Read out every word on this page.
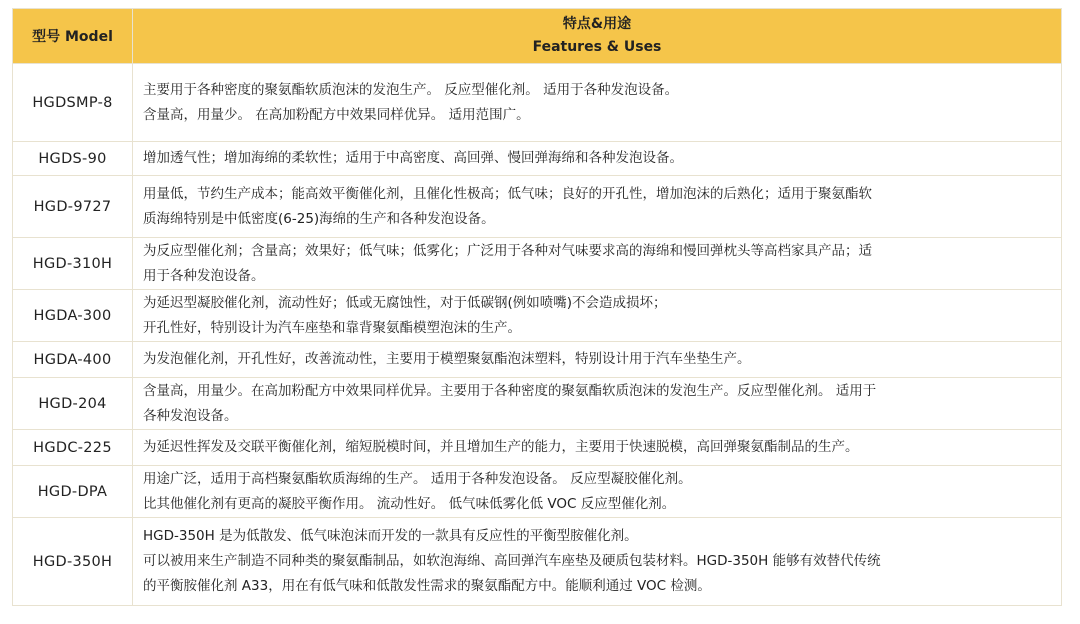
型号 Model	特点&用途
Features & Uses

HGDSMP-8	主要用于各种密度的聚氨酯软质泡沫的发泡生产。 反应型催化剂。 适用于各种发泡设备。
含量高，用量少。 在高加粉配方中效果同样优异。 适用范围广。

HGDS-90	增加透气性；增加海绵的柔软性；适用于中高密度、高回弹、慢回弹海绵和各种发泡设备。

HGD-9727	用量低，节约生产成本；能高效平衡催化剂，且催化性极高；低气味；良好的开孔性，增加泡沫的后熟化；适用于聚氨酯软
质海绵特别是中低密度(6-25)海绵的生产和各种发泡设备。

HGD-310H	为反应型催化剂；含量高；效果好；低气味；低雾化；广泛用于各种对气味要求高的海绵和慢回弹枕头等高档家具产品；适
用于各种发泡设备。

HGDA-300	为延迟型凝胶催化剂，流动性好；低或无腐蚀性，对于低碳钢(例如喷嘴)不会造成损坏；
开孔性好，特别设计为汽车座垫和靠背聚氨酯模塑泡沫的生产。

HGDA-400	为发泡催化剂，开孔性好，改善流动性，主要用于模塑聚氨酯泡沫塑料，特别设计用于汽车坐垫生产。

HGD-204	含量高，用量少。在高加粉配方中效果同样优异。主要用于各种密度的聚氨酯软质泡沫的发泡生产。反应型催化剂。 适用于
各种发泡设备。

HGDC-225	为延迟性挥发及交联平衡催化剂，缩短脱模时间，并且增加生产的能力，主要用于快速脱模，高回弹聚氨酯制品的生产。

HGD-DPA	用途广泛，适用于高档聚氨酯软质海绵的生产。 适用于各种发泡设备。 反应型凝胶催化剂。
比其他催化剂有更高的凝胶平衡作用。 流动性好。 低气味低雾化低 VOC 反应型催化剂。

HGD-350H	HGD-350H 是为低散发、低气味泡沫而开发的一款具有反应性的平衡型胺催化剂。
可以被用来生产制造不同种类的聚氨酯制品，如软泡海绵、高回弹汽车座垫及硬质包装材料。HGD-350H 能够有效替代传统
的平衡胺催化剂 A33，用在有低气味和低散发性需求的聚氨酯配方中。能顺利通过 VOC 检测。
